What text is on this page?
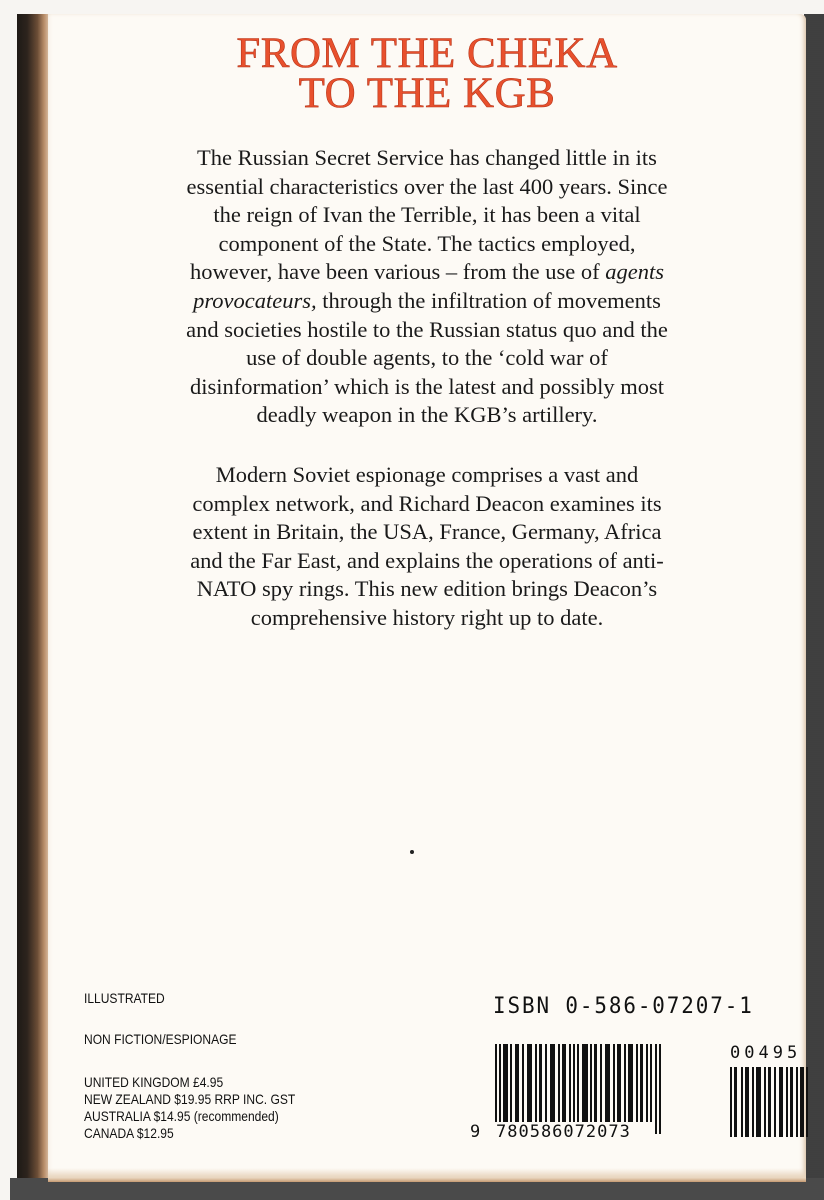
FROM THE CHEKA
TO THE KGB
The Russian Secret Service has changed little in its
essential characteristics over the last 400 years. Since
the reign of Ivan the Terrible, it has been a vital
component of the State. The tactics employed,
however, have been various – from the use of agents
provocateurs, through the infiltration of movements
and societies hostile to the Russian status quo and the
use of double agents, to the ‘cold war of
disinformation’ which is the latest and possibly most
deadly weapon in the KGB’s artillery.
Modern Soviet espionage comprises a vast and
complex network, and Richard Deacon examines its
extent in Britain, the USA, France, Germany, Africa
and the Far East, and explains the operations of anti-
NATO spy rings. This new edition brings Deacon’s
comprehensive history right up to date.
ILLUSTRATED
NON FICTION/ESPIONAGE
UNITED KINGDOM £4.95
NEW ZEALAND $19.95 RRP INC. GST
AUSTRALIA $14.95 (recommended)
CANADA $12.95
ISBN 0-586-07207-1
00495
9 780586072073
